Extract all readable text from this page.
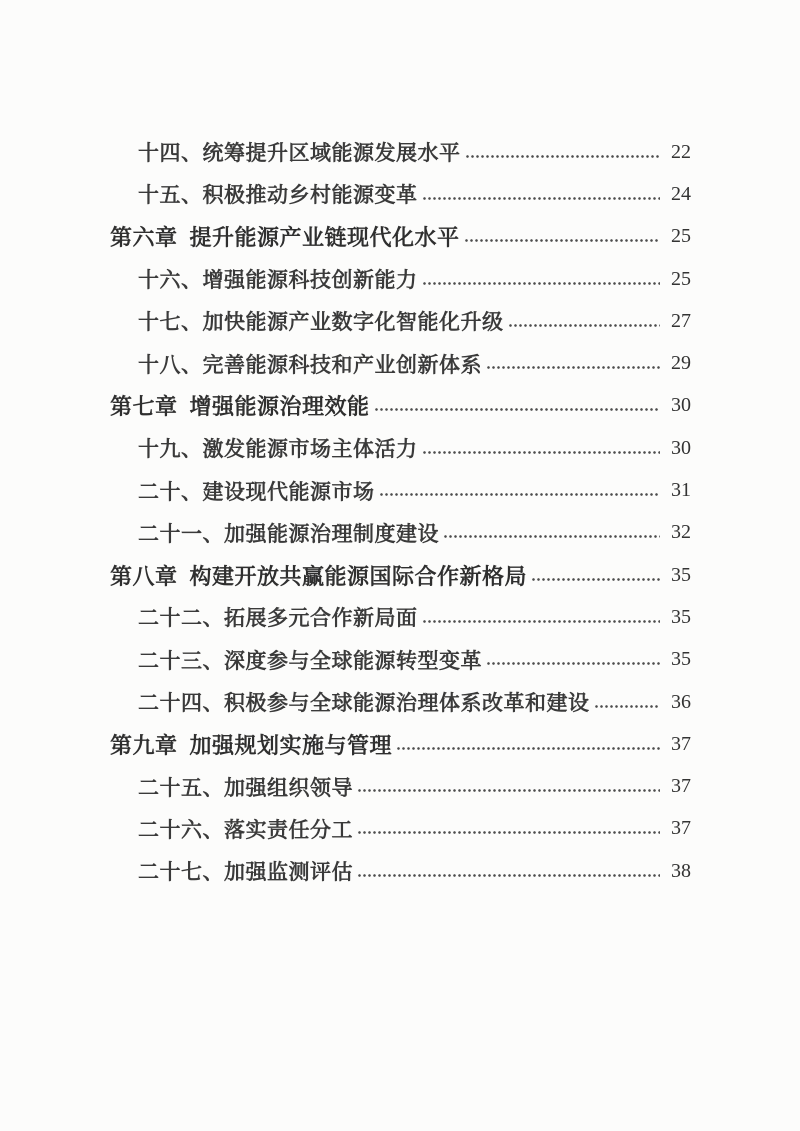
十四、统筹提升区域能源发展水平	22
十五、积极推动乡村能源变革	24
第六章 提升能源产业链现代化水平	25
十六、增强能源科技创新能力	25
十七、加快能源产业数字化智能化升级	27
十八、完善能源科技和产业创新体系	29
第七章 增强能源治理效能	30
十九、激发能源市场主体活力	30
二十、建设现代能源市场	31
二十一、加强能源治理制度建设	32
第八章 构建开放共赢能源国际合作新格局	35
二十二、拓展多元合作新局面	35
二十三、深度参与全球能源转型变革	35
二十四、积极参与全球能源治理体系改革和建设	36
第九章 加强规划实施与管理	37
二十五、加强组织领导	37
二十六、落实责任分工	37
二十七、加强监测评估	38
